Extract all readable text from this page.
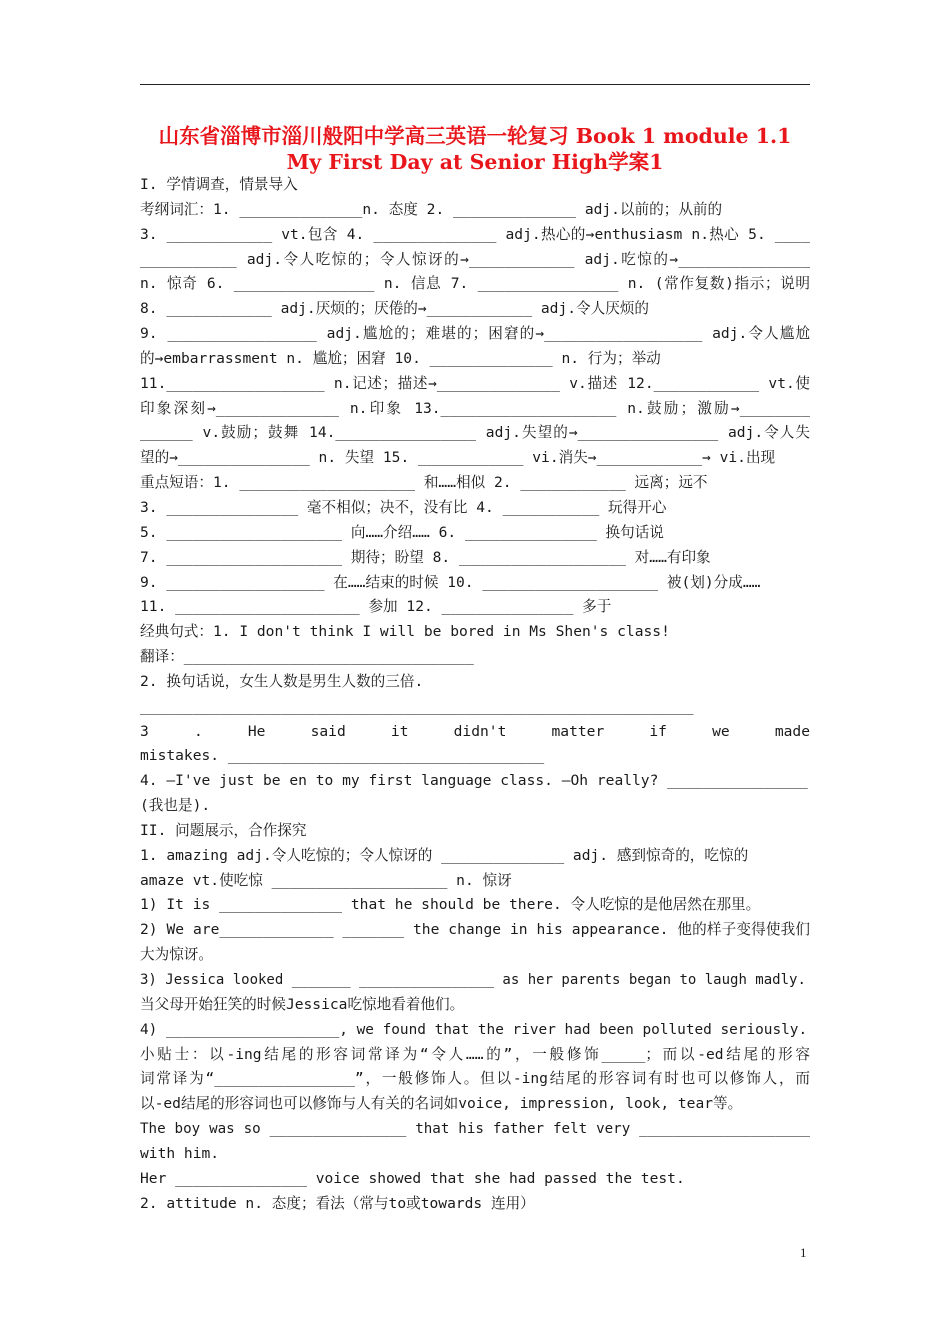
山东省淄博市淄川般阳中学高三英语一轮复习 Book 1 module 1.1
My First Day at Senior High学案1
I. 学情调查，情景导入
考纲词汇：1. ______________n. 态度 2. ______________ adj.以前的；从前的
3. ____________ vt.包含 4. ______________ adj.热心的→enthusiasm n.热心 5. ____
___________ adj.令人吃惊的；令人惊讶的→____________ adj.吃惊的→_______________
n. 惊奇 6. ________________ n. 信息 7. ________________ n. (常作复数)指示；说明
8. ____________ adj.厌烦的；厌倦的→____________ adj.令人厌烦的
9. _________________ adj.尴尬的；难堪的；困窘的→__________________ adj.令人尴尬
的→embarrassment n. 尴尬；困窘 10. ______________ n. 行为；举动
11.__________________ n.记述；描述→______________ v.描述 12.____________ vt.使
印象深刻→______________ n.印象 13.____________________ n.鼓励；激励→________
______ v.鼓励；鼓舞 14.________________ adj.失望的→________________ adj.令人失
望的→_______________ n. 失望 15. ____________ vi.消失→____________→ vi.出现
重点短语：1. ____________________ 和……相似 2. ____________ 远离；远不
3. _______________ 毫不相似；决不，没有比 4. ___________ 玩得开心
5. ____________________ 向……介绍…… 6. _______________ 换句话说
7. ____________________ 期待；盼望 8. ___________________ 对……有印象
9. __________________ 在……结束的时候 10. ____________________ 被(划)分成……
11. _____________________ 参加 12. _______________ 多于
经典句式：1. I don't think I will be bored in Ms Shen's class!
翻译：_________________________________
2. 换句话说，女生人数是男生人数的三倍.
_______________________________________________________________
3 . He said it didn't matter if we made
mistakes. ____________________________________
4. —I've just be en to my first language class. —Oh really? ________________
(我也是).
II. 问题展示，合作探究
1. amazing adj.令人吃惊的；令人惊讶的 ______________ adj. 感到惊奇的，吃惊的
amaze vt.使吃惊 ____________________ n. 惊讶
1) It is ______________ that he should be there. 令人吃惊的是他居然在那里。
2) We are_____________ _______ the change in his appearance. 他的样子变得使我们
大为惊讶。
3) Jessica looked _______ ________________ as her parents began to laugh madly.
当父母开始狂笑的时候Jessica吃惊地看着他们。
4) ____________________, we found that the river had been polluted seriously.
小贴士：以-ing结尾的形容词常译为“令人……的”，一般修饰_____；而以-ed结尾的形容
词常译为“________________”，一般修饰人。但以-ing结尾的形容词有时也可以修饰人，而
以-ed结尾的形容词也可以修饰与人有关的名词如voice, impression, look, tear等。
The boy was so ________________ that his father felt very ____________________
with him.
Her _______________ voice showed that she had passed the test.
2. attitude n. 态度；看法（常与to或towards 连用）
1
